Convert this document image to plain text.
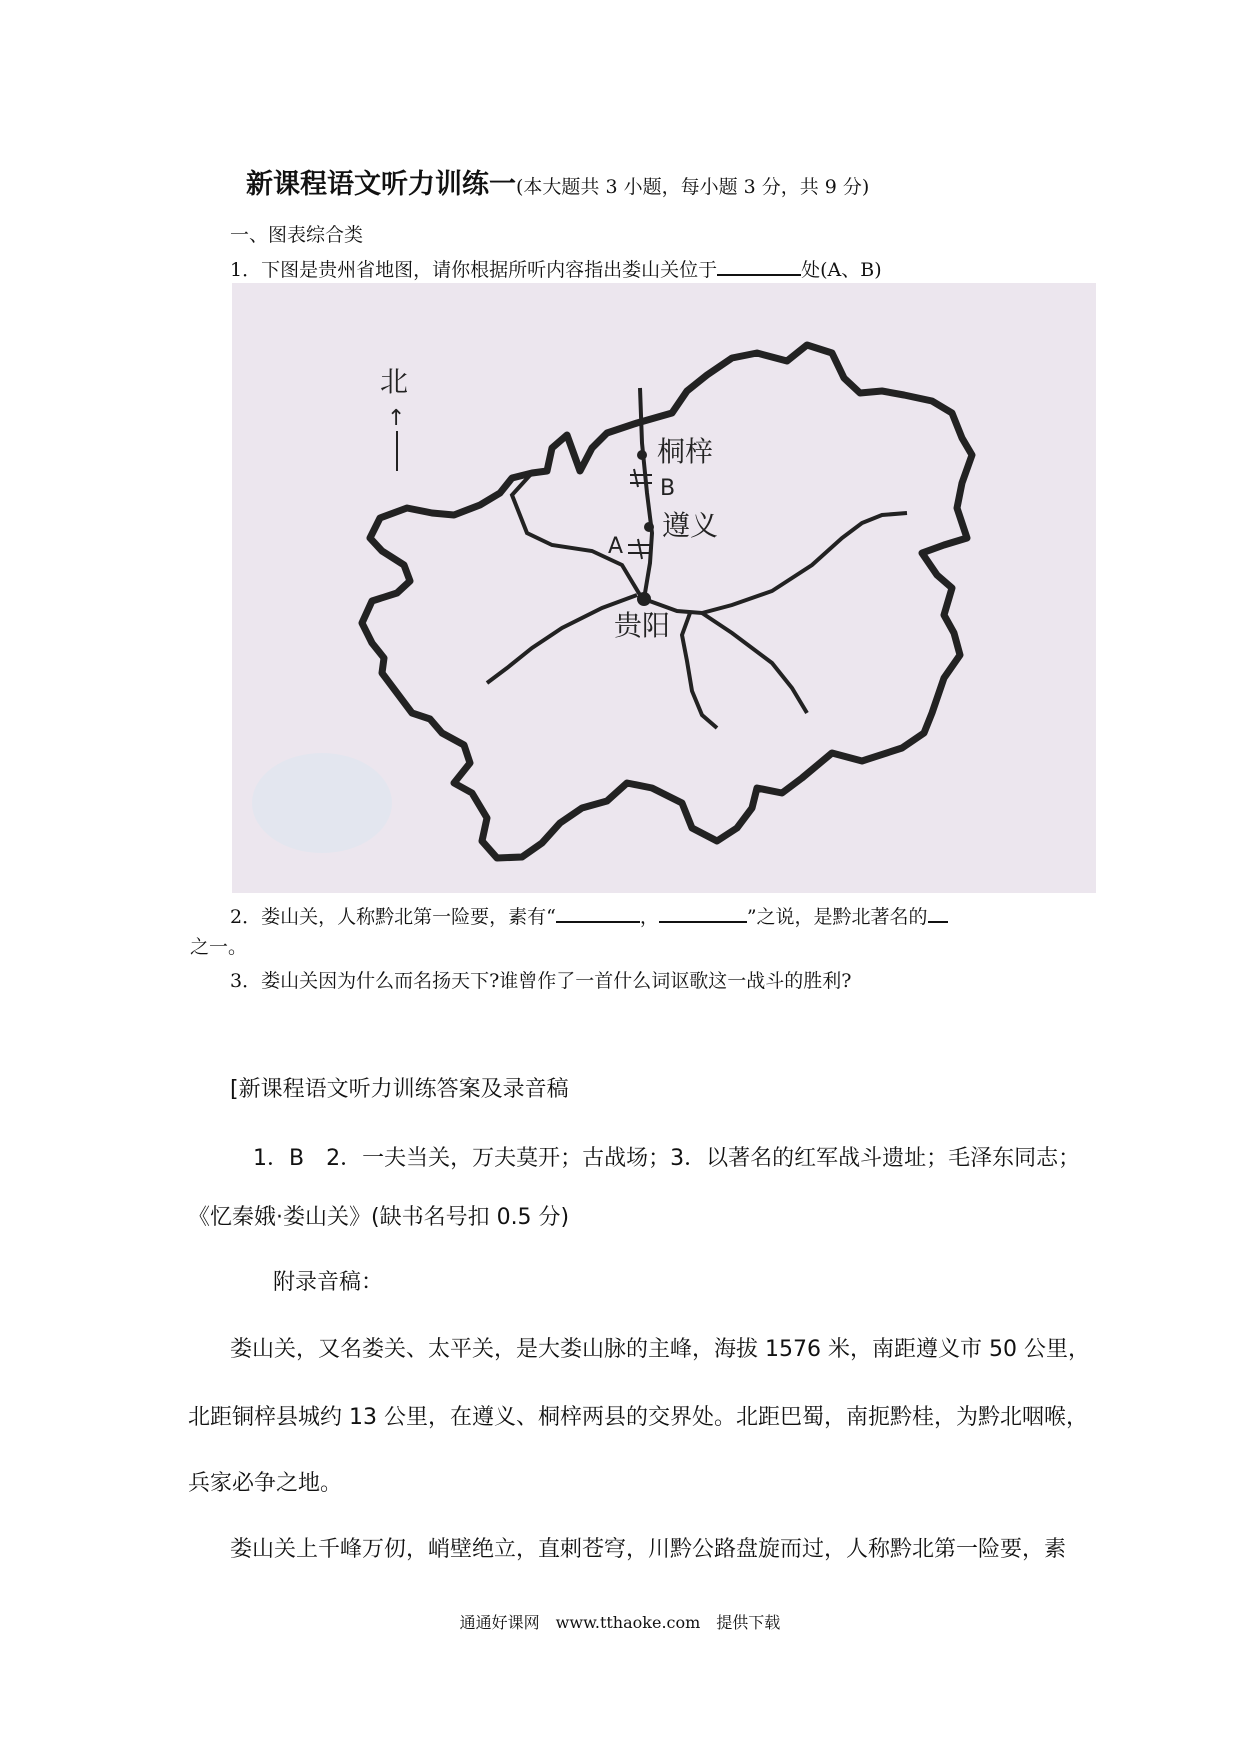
新课程语文听力训练一(本大题共 3 小题，每小题 3 分，共 9 分)
一、图表综合类
1．下图是贵州省地图，请你根据所听内容指出娄山关位于	处(A、B)
北
↑
桐梓
B
遵义
A
贵阳
2．娄山关，人称黔北第一险要，素有“	，	”之说，是黔北著名的
之一。
3．娄山关因为什么而名扬天下?谁曾作了一首什么词讴歌这一战斗的胜利?
[新课程语文听力训练答案及录音稿
1．B　2．一夫当关，万夫莫开；古战场；3．以著名的红军战斗遗址；毛泽东同志；
《忆秦娥·娄山关》(缺书名号扣 0.5 分)
附录音稿：
娄山关，又名娄关、太平关，是大娄山脉的主峰，海拔 1576 米，南距遵义市 50 公里，
北距铜梓县城约 13 公里，在遵义、桐梓两县的交界处。北距巴蜀，南扼黔桂，为黔北咽喉，
兵家必争之地。
娄山关上千峰万仞，峭壁绝立，直刺苍穹，川黔公路盘旋而过，人称黔北第一险要，素
通通好课网　www.tthaoke.com　提供下载
